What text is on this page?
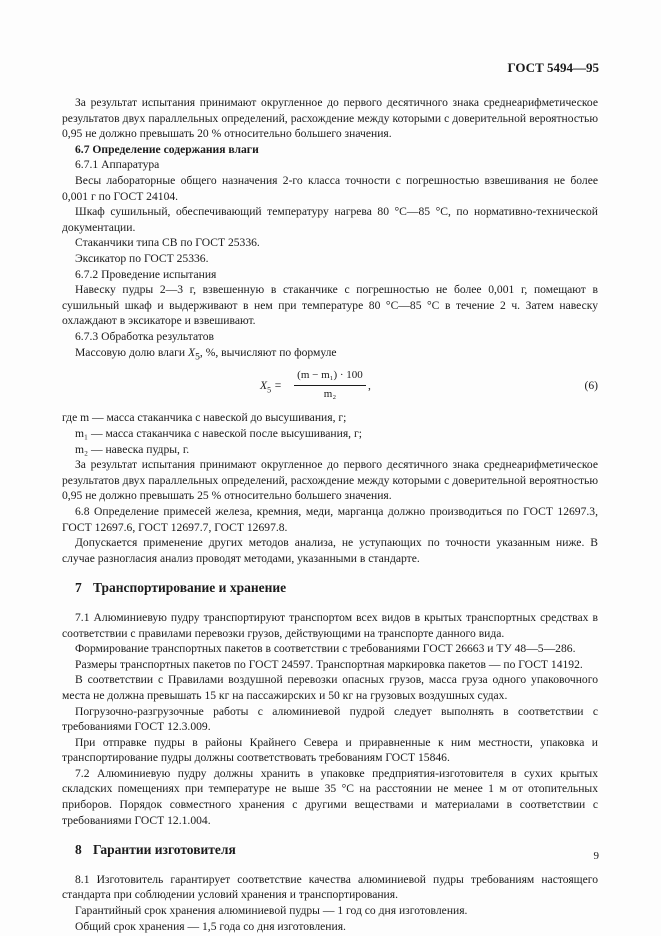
ГОСТ 5494—95

За результат испытания принимают округленное до первого десятичного знака среднеарифметическое результатов двух параллельных определений, расхождение между которыми с доверительной вероятностью 0,95 не должно превышать 20 % относительно большего значения.

6.7 Определение содержания влаги

6.7.1 Аппаратура

Весы лабораторные общего назначения 2-го класса точности с погрешностью взвешивания не более 0,001 г по ГОСТ 24104.

Шкаф сушильный, обеспечивающий температуру нагрева 80 °С—85 °С, по нормативно-технической документации.

Стаканчики типа СВ по ГОСТ 25336.

Эксикатор по ГОСТ 25336.

6.7.2 Проведение испытания

Навеску пудры 2—3 г, взвешенную в стаканчике с погрешностью не более 0,001 г, помещают в сушильный шкаф и выдерживают в нем при температуре 80 °С—85 °С в течение 2 ч. Затем навеску охлаждают в эксикаторе и взвешивают.

6.7.3 Обработка результатов

Массовую долю влаги $X_5$, %, вычисляют по формуле

$X_5 = \frac{\text{(m − m₁) · 100}}{\text{m₂}}$ ,	(6)

где m — масса стаканчика с навеской до высушивания, г;

m₁ — масса стаканчика с навеской после высушивания, г;

m₂ — навеска пудры, г.

За результат испытания принимают округленное до первого десятичного знака среднеарифметическое результатов двух параллельных определений, расхождение между которыми с доверительной вероятностью 0,95 не должно превышать 25 % относительно большего значения.

6.8 Определение примесей железа, кремния, меди, марганца должно производиться по ГОСТ 12697.3, ГОСТ 12697.6, ГОСТ 12697.7, ГОСТ 12697.8.

Допускается применение других методов анализа, не уступающих по точности указанным ниже. В случае разногласия анализ проводят методами, указанными в стандарте.

7 Транспортирование и хранение

7.1 Алюминиевую пудру транспортируют транспортом всех видов в крытых транспортных средствах в соответствии с правилами перевозки грузов, действующими на транспорте данного вида.

Формирование транспортных пакетов в соответствии с требованиями ГОСТ 26663 и ТУ 48—5—286.

Размеры транспортных пакетов по ГОСТ 24597. Транспортная маркировка пакетов — по ГОСТ 14192.

В соответствии с Правилами воздушной перевозки опасных грузов, масса груза одного упаковочного места не должна превышать 15 кг на пассажирских и 50 кг на грузовых воздушных судах.

Погрузочно-разгрузочные работы с алюминиевой пудрой следует выполнять в соответствии с требованиями ГОСТ 12.3.009.

При отправке пудры в районы Крайнего Севера и приравненные к ним местности, упаковка и транспортирование пудры должны соответствовать требованиям ГОСТ 15846.

7.2 Алюминиевую пудру должны хранить в упаковке предприятия-изготовителя в сухих крытых складских помещениях при температуре не выше 35 °С на расстоянии не менее 1 м от отопительных приборов. Порядок совместного хранения с другими веществами и материалами в соответствии с требованиями ГОСТ 12.1.004.

8 Гарантии изготовителя

8.1 Изготовитель гарантирует соответствие качества алюминиевой пудры требованиям настоящего стандарта при соблюдении условий хранения и транспортирования.

Гарантийный срок хранения алюминиевой пудры — 1 год со дня изготовления.

Общий срок хранения — 1,5 года со дня изготовления.

9
